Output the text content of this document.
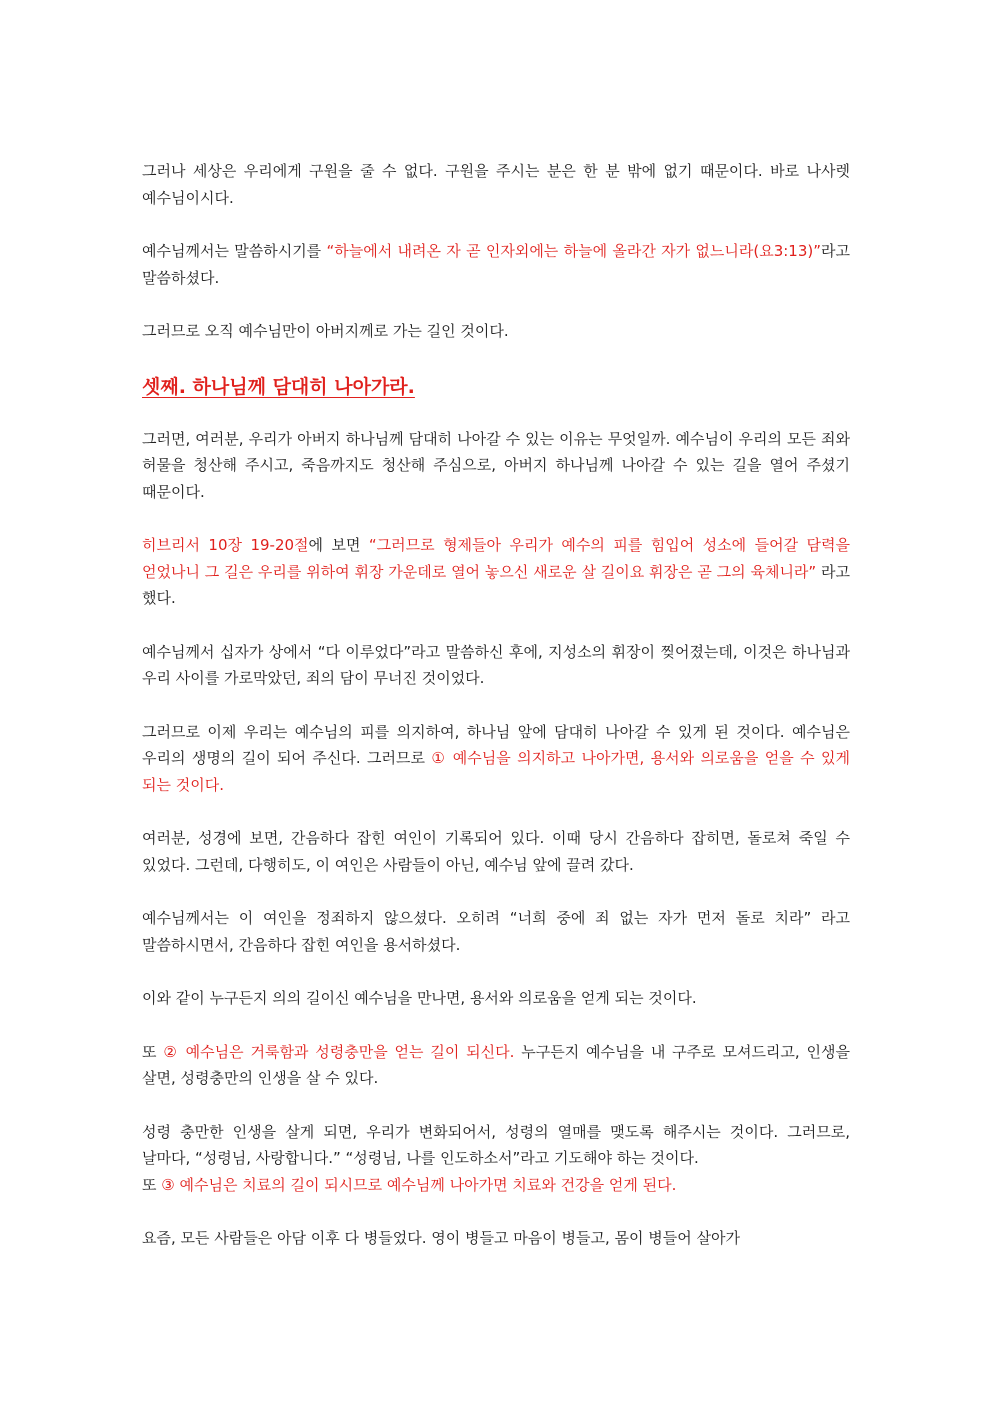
그러나 세상은 우리에게 구원을 줄 수 없다. 구원을 주시는 분은 한 분 밖에 없기 때문이다. 바로 나사렛 예수님이시다.

예수님께서는 말씀하시기를 “하늘에서 내려온 자 곧 인자외에는 하늘에 올라간 자가 없느니라(요3:13)”라고 말씀하셨다.

그러므로 오직 예수님만이 아버지께로 가는 길인 것이다.

셋째. 하나님께 담대히 나아가라.

그러면, 여러분, 우리가 아버지 하나님께 담대히 나아갈 수 있는 이유는 무엇일까. 예수님이 우리의 모든 죄와 허물을 청산해 주시고, 죽음까지도 청산해 주심으로, 아버지 하나님께 나아갈 수 있는 길을 열어 주셨기 때문이다.

히브리서 10장 19-20절에 보면 “그러므로 형제들아 우리가 예수의 피를 힘입어 성소에 들어갈 담력을 얻었나니 그 길은 우리를 위하여 휘장 가운데로 열어 놓으신 새로운 살 길이요 휘장은 곧 그의 육체니라” 라고 했다.

예수님께서 십자가 상에서 “다 이루었다”라고 말씀하신 후에, 지성소의 휘장이 찢어졌는데, 이것은 하나님과 우리 사이를 가로막았던, 죄의 담이 무너진 것이었다.

그러므로 이제 우리는 예수님의 피를 의지하여, 하나님 앞에 담대히 나아갈 수 있게 된 것이다. 예수님은 우리의 생명의 길이 되어 주신다. 그러므로 ① 예수님을 의지하고 나아가면, 용서와 의로움을 얻을 수 있게 되는 것이다.

여러분, 성경에 보면, 간음하다 잡힌 여인이 기록되어 있다. 이때 당시 간음하다 잡히면, 돌로쳐 죽일 수 있었다. 그런데, 다행히도, 이 여인은 사람들이 아닌, 예수님 앞에 끌려 갔다.

예수님께서는 이 여인을 정죄하지 않으셨다. 오히려 “너희 중에 죄 없는 자가 먼저 돌로 치라” 라고 말씀하시면서, 간음하다 잡힌 여인을 용서하셨다.

이와 같이 누구든지 의의 길이신 예수님을 만나면, 용서와 의로움을 얻게 되는 것이다.

또 ② 예수님은 거룩함과 성령충만을 얻는 길이 되신다. 누구든지 예수님을 내 구주로 모셔드리고, 인생을 살면, 성령충만의 인생을 살 수 있다.

성령 충만한 인생을 살게 되면, 우리가 변화되어서, 성령의 열매를 맺도록 해주시는 것이다. 그러므로, 날마다, “성령님, 사랑합니다.” “성령님, 나를 인도하소서”라고 기도해야 하는 것이다.

또 ③ 예수님은 치료의 길이 되시므로 예수님께 나아가면 치료와 건강을 얻게 된다.

요즘, 모든 사람들은 아담 이후 다 병들었다. 영이 병들고 마음이 병들고, 몸이 병들어 살아가
